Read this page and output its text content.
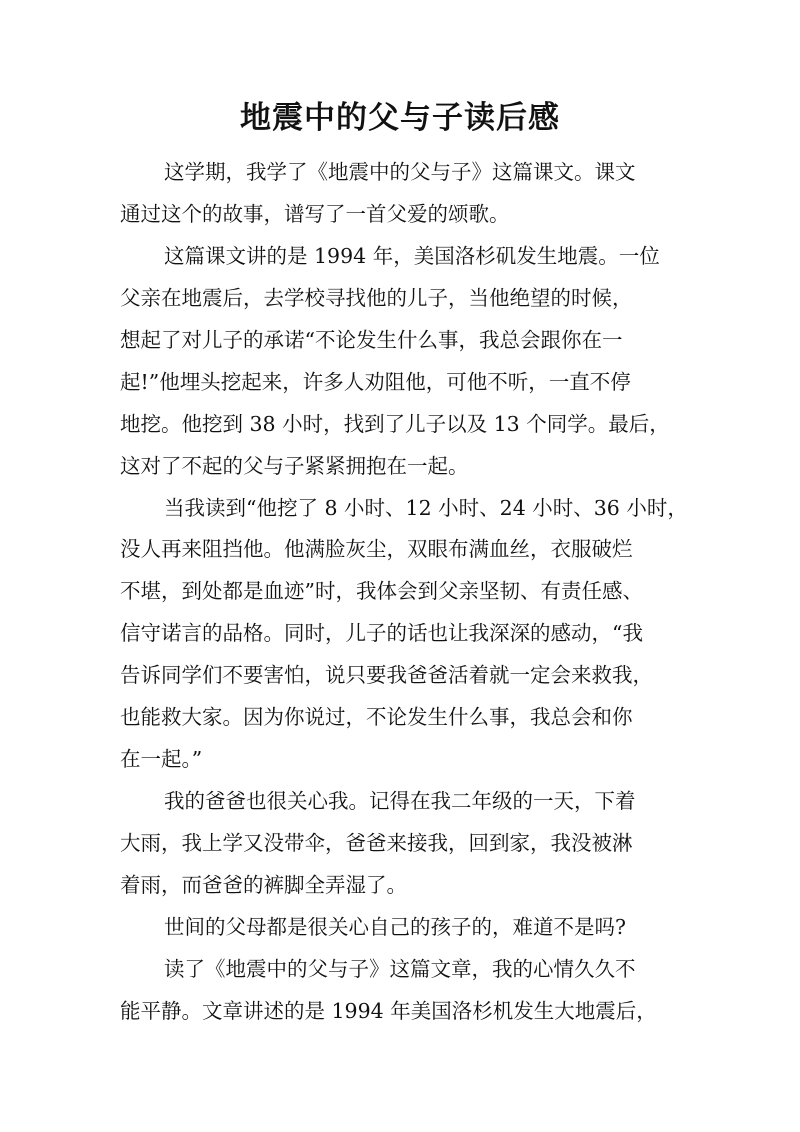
地震中的父与子读后感
这学期，我学了《地震中的父与子》这篇课文。课文
通过这个的故事，谱写了一首父爱的颂歌。
这篇课文讲的是 1994 年，美国洛杉矶发生地震。一位
父亲在地震后，去学校寻找他的儿子，当他绝望的时候，
想起了对儿子的承诺“不论发生什么事，我总会跟你在一
起!”他埋头挖起来，许多人劝阻他，可他不听，一直不停
地挖。他挖到 38 小时，找到了儿子以及 13 个同学。最后，
这对了不起的父与子紧紧拥抱在一起。
当我读到“他挖了 8 小时、12 小时、24 小时、36 小时，
没人再来阻挡他。他满脸灰尘，双眼布满血丝，衣服破烂
不堪，到处都是血迹”时，我体会到父亲坚韧、有责任感、
信守诺言的品格。同时，儿子的话也让我深深的感动，“我
告诉同学们不要害怕，说只要我爸爸活着就一定会来救我，
也能救大家。因为你说过，不论发生什么事，我总会和你
在一起。”
我的爸爸也很关心我。记得在我二年级的一天，下着
大雨，我上学又没带伞，爸爸来接我，回到家，我没被淋
着雨，而爸爸的裤脚全弄湿了。
世间的父母都是很关心自己的孩子的，难道不是吗?
读了《地震中的父与子》这篇文章，我的心情久久不
能平静。文章讲述的是 1994 年美国洛杉机发生大地震后，
